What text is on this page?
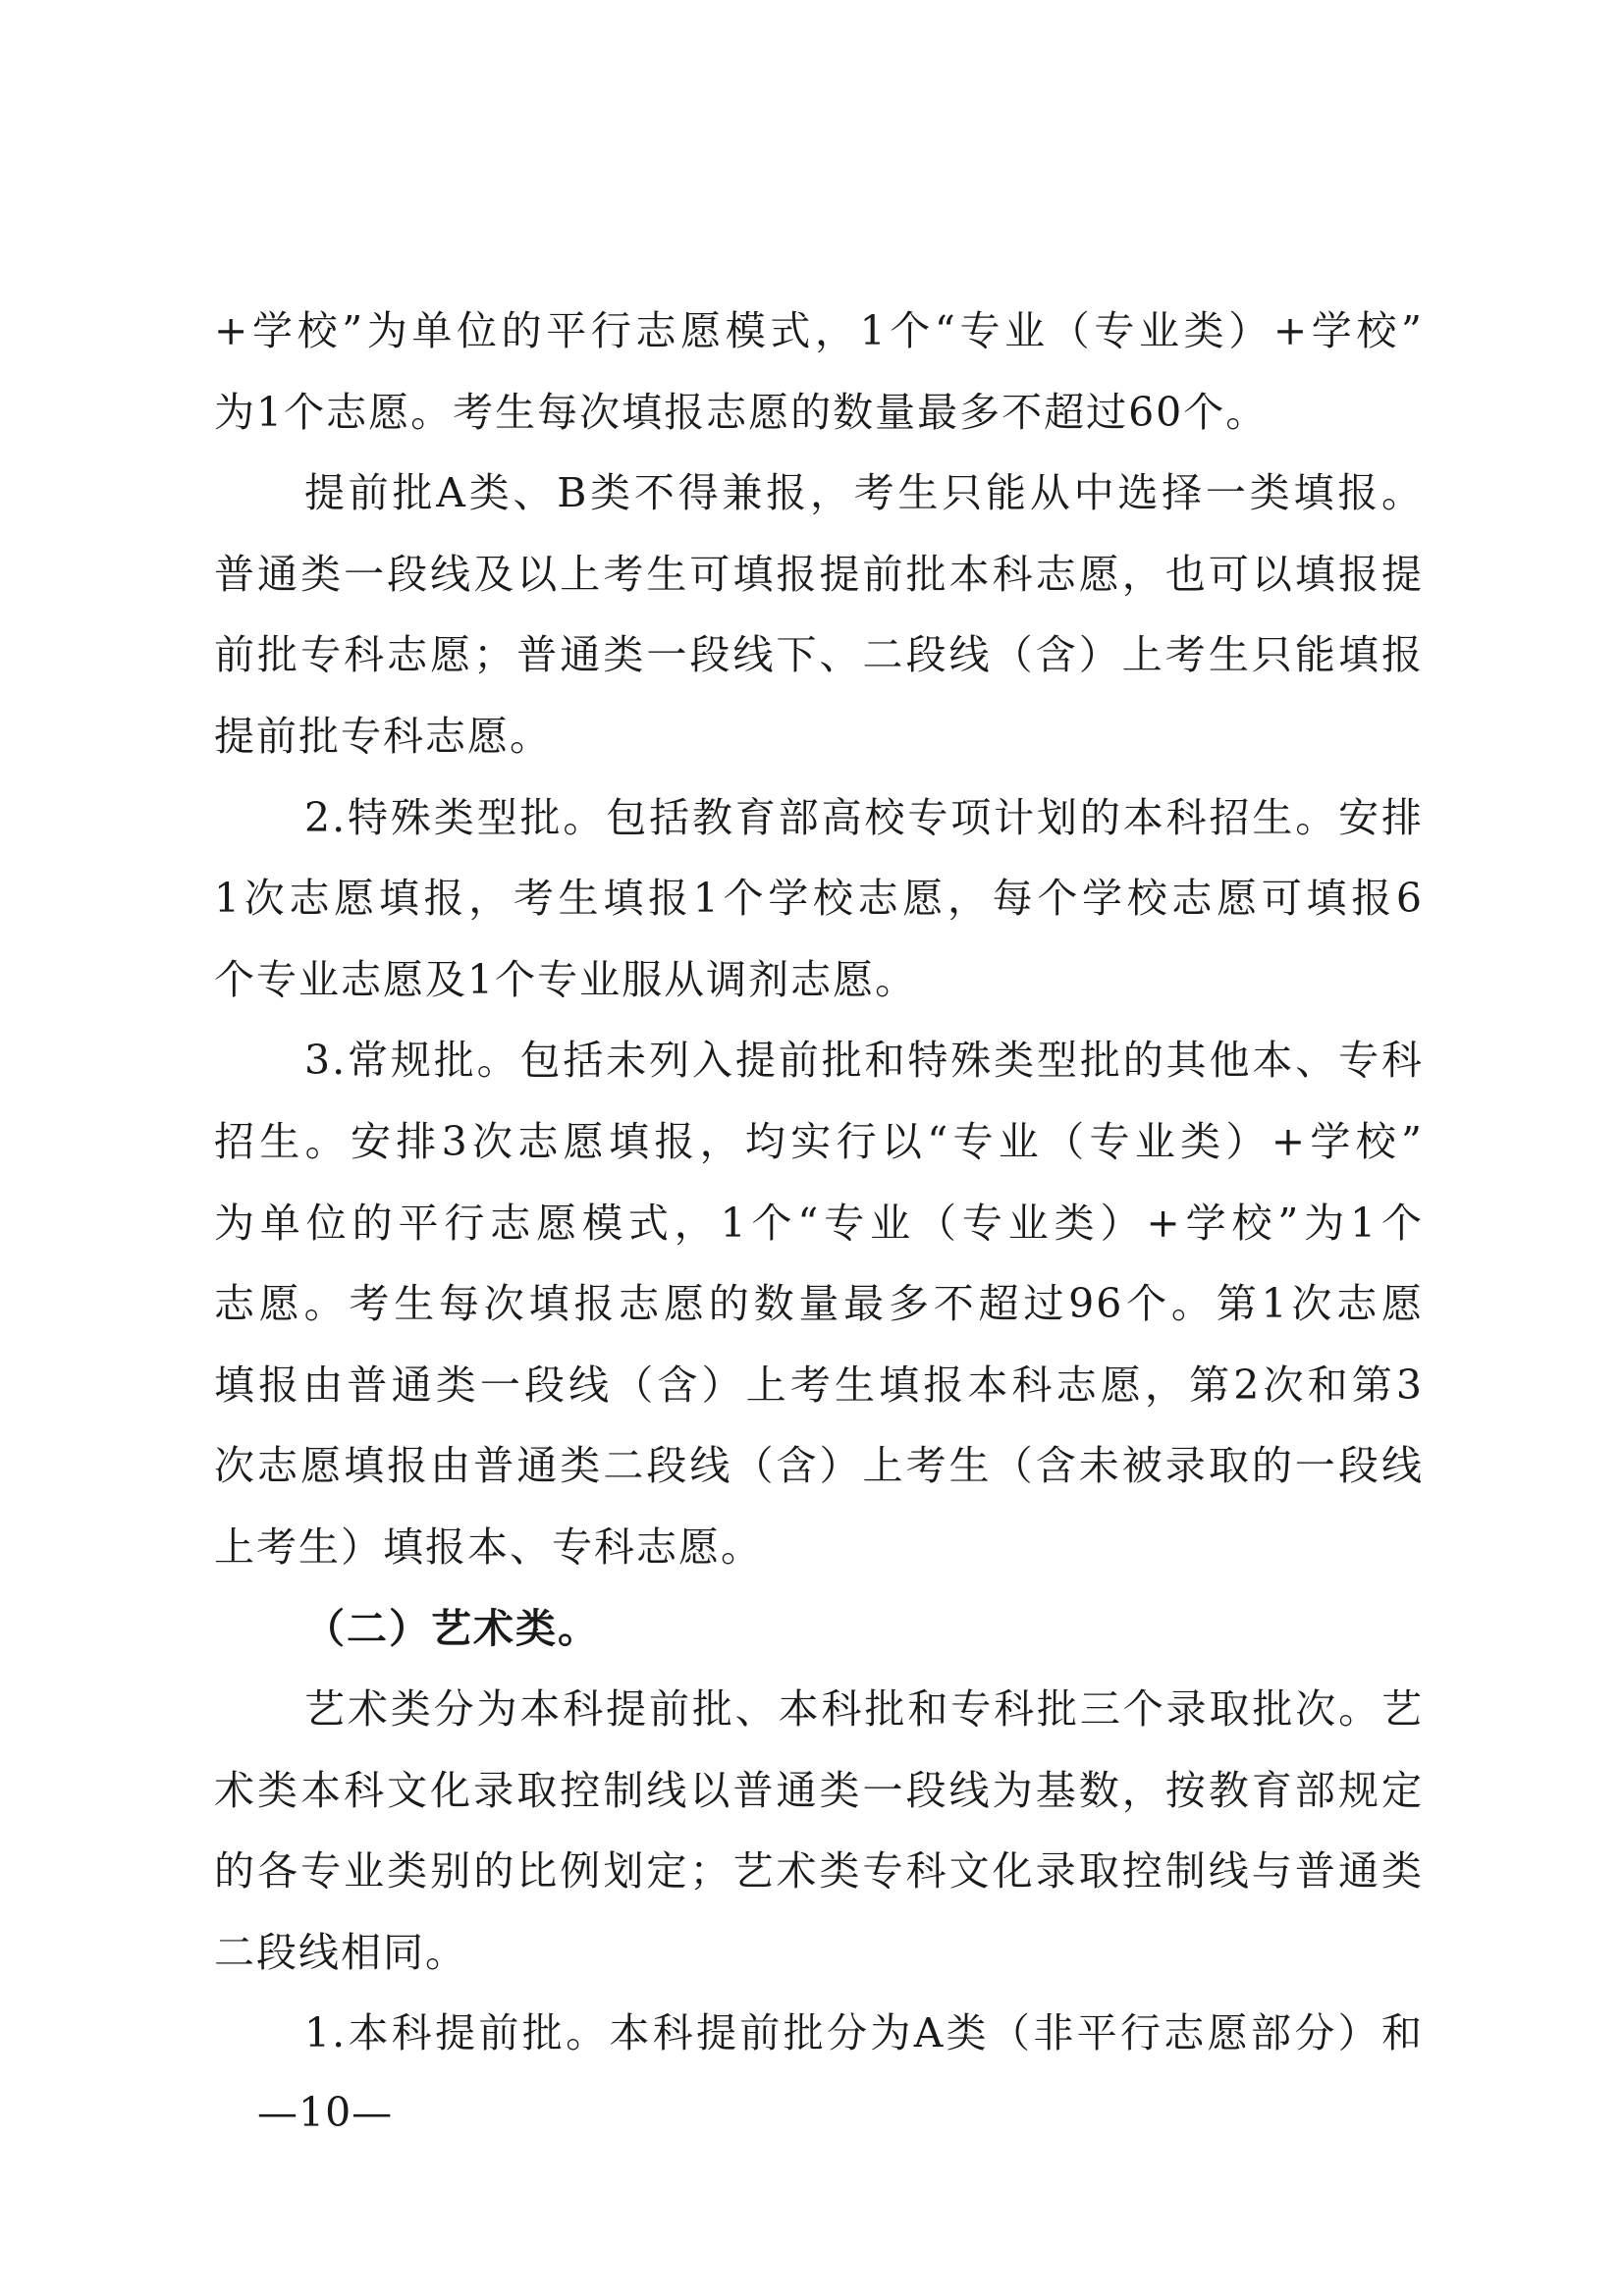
+学校”为单位的平行志愿模式，1个“专业（专业类）+学校”
为1个志愿。考生每次填报志愿的数量最多不超过60个。
提前批A类、B类不得兼报，考生只能从中选择一类填报。
普通类一段线及以上考生可填报提前批本科志愿，也可以填报提
前批专科志愿；普通类一段线下、二段线（含）上考生只能填报
提前批专科志愿。
2.特殊类型批。包括教育部高校专项计划的本科招生。安排
1次志愿填报，考生填报1个学校志愿，每个学校志愿可填报6
个专业志愿及1个专业服从调剂志愿。
3.常规批。包括未列入提前批和特殊类型批的其他本、专科
招生。安排3次志愿填报，均实行以“专业（专业类）+学校”
为单位的平行志愿模式，1个“专业（专业类）+学校”为1个
志愿。考生每次填报志愿的数量最多不超过96个。第1次志愿
填报由普通类一段线（含）上考生填报本科志愿，第2次和第3
次志愿填报由普通类二段线（含）上考生（含未被录取的一段线
上考生）填报本、专科志愿。
（二）艺术类。
艺术类分为本科提前批、本科批和专科批三个录取批次。艺
术类本科文化录取控制线以普通类一段线为基数，按教育部规定
的各专业类别的比例划定；艺术类专科文化录取控制线与普通类
二段线相同。
1.本科提前批。本科提前批分为A类（非平行志愿部分）和
—10—
